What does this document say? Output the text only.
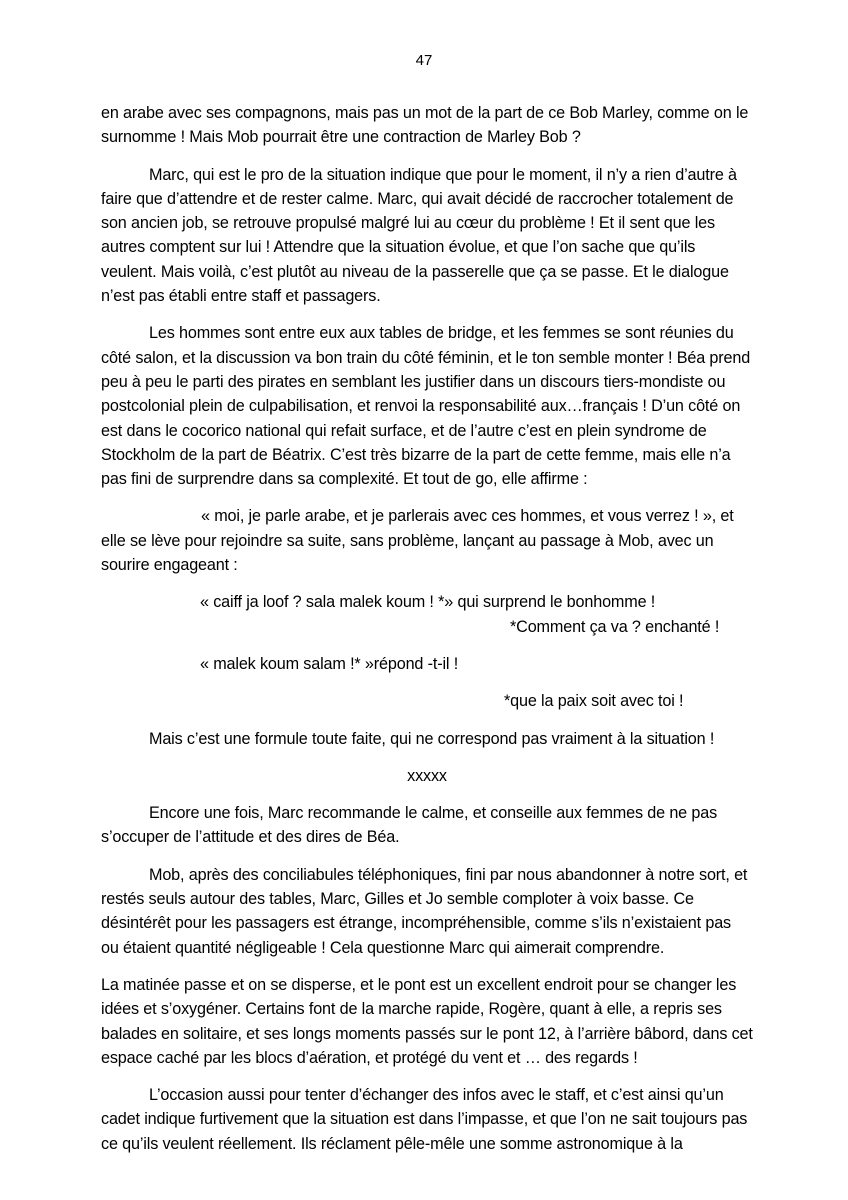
47

en arabe avec ses compagnons, mais pas un mot de la part de ce Bob Marley, comme on le surnomme ! Mais Mob pourrait être une contraction de Marley Bob ?

Marc, qui est le pro de la situation indique que pour le moment, il n’y a rien d’autre à faire que d’attendre et de rester calme. Marc, qui avait décidé de raccrocher totalement de son ancien job, se retrouve propulsé malgré lui au cœur du problème ! Et il sent que les autres comptent sur lui ! Attendre que la situation évolue, et que l’on sache que qu’ils veulent. Mais voilà, c’est plutôt au niveau de la passerelle que ça se passe. Et le dialogue n’est pas établi entre staff et passagers.

Les hommes sont entre eux aux tables de bridge, et les femmes se sont réunies du côté salon, et la discussion va bon train du côté féminin, et le ton semble monter ! Béa prend peu à peu le parti des pirates en semblant les justifier dans un discours tiers-mondiste ou postcolonial plein de culpabilisation, et renvoi la responsabilité aux…français ! D’un côté on est dans le cocorico national qui refait surface, et de l’autre c’est en plein syndrome de Stockholm de la part de Béatrix. C’est très bizarre de la part de cette femme, mais elle n’a pas fini de surprendre dans sa complexité. Et tout de go, elle affirme :

« moi, je parle arabe, et je parlerais avec ces hommes, et vous verrez ! », et elle se lève pour rejoindre sa suite, sans problème, lançant au passage à Mob, avec un sourire engageant :

« caiff ja loof ? sala malek koum ! *» qui surprend le bonhomme !
*Comment ça va ? enchanté !

« malek koum salam !* »répond -t-il !

*que la paix soit avec toi !

Mais c’est une formule toute faite, qui ne correspond pas vraiment à la situation !

xxxxx

Encore une fois, Marc recommande le calme, et conseille aux femmes de ne pas s’occuper de l’attitude et des dires de Béa.

Mob, après des conciliabules téléphoniques, fini par nous abandonner à notre sort, et restés seuls autour des tables, Marc, Gilles et Jo semble comploter à voix basse. Ce désintérêt pour les passagers est étrange, incompréhensible, comme s’ils n’existaient pas ou étaient quantité négligeable ! Cela questionne Marc qui aimerait comprendre.

La matinée passe et on se disperse, et le pont est un excellent endroit pour se changer les idées et s’oxygéner. Certains font de la marche rapide, Rogère, quant à elle, a repris ses balades en solitaire, et ses longs moments passés sur le pont 12, à l’arrière bâbord, dans cet espace caché par les blocs d’aération, et protégé du vent et … des regards !

L’occasion aussi pour tenter d’échanger des infos avec le staff, et c’est ainsi qu’un cadet indique furtivement que la situation est dans l’impasse, et que l’on ne sait toujours pas ce qu’ils veulent réellement. Ils réclament pêle-mêle une somme astronomique à la
